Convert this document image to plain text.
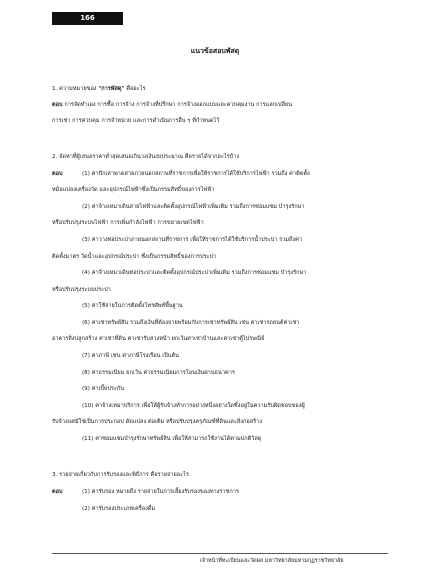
166
แนวข้อสอบพัสดุ
1. ความหมายของ "การพัสดุ" คืออะไร
ตอบ การจัดทำเอง การซื้อ การจ้าง การจ้างที่ปรึกษา การจ้างออกแบบและควบคุมงาน การแลกเปลี่ยน
การเช่า การควบคุม การจำหน่าย และการดำเนินการอื่น ๆ ที่กำหนดไว้
2. จัดหาที่ผู้เสนอราคาต่ำสุดเสนอเกินวงเงินงบประมาณ คือรายได้จากอะไรบ้าง
ตอบ	(1) ค่าปักเสาพาดสายภายนอกสถานที่ราชการเพื่อให้ราชการได้ใช้บริการไฟฟ้า รวมถึง ค่าติดตั้ง
หม้อแปลงเครื่องวัด และอุปกรณ์ไฟฟ้าซึ่งเป็นกรรมสิทธิ์ของการไฟฟ้า
(2) ค่าจ้างเหมาเดินสายไฟฟ้าและติดตั้งอุปกรณ์ไฟฟ้าเพิ่มเติม รวมถึงการซ่อมแซม บำรุงรักษา
หรือปรับปรุงระบบไฟฟ้า การเพิ่มกำลังไฟฟ้า การขยายเขตไฟฟ้า
(3) ค่าวางท่อประปาภายนอกสถานที่ราชการ เพื่อให้ราชการได้ใช้บริการน้ำประปา รวมถึงค่า
ติดตั้งมาตร วัดน้ำและอุปกรณ์ประปา ซึ่งเป็นกรรมสิทธิ์ของการประปา
(4) ค่าจ้างเหมาเดินท่อประปาและติดตั้งอุปกรณ์ประปาเพิ่มเติม รวมถึงการซ่อมแซม บำรุงรักษา
หรือปรับปรุงระบบประปา
(5) ค่าใช้จ่ายในการติดตั้งโทรศัพท์พื้นฐาน
(6) ค่าเช่าทรัพย์สิน รวมถึงเงินที่ต้องจ่ายพร้อมกับการเช่าทรัพย์สิน เช่น ค่าเช่ารถยนต์ค่าเช่า
อาคารสิ่งปลูกสร้าง ค่าเช่าที่ดิน ค่าเช่ารับล่วงหน้า ยกเว้นค่าเช่าบ้านและค่าเช่าตู้ไปรษณีย์
(7) ค่าภาษี เช่น ค่าภาษีโรงเรือน เป็นต้น
(8) ค่าธรรมเนียม ยกเว้น ค่าธรรมเนียมการโอนเงินผ่านธนาคาร
(9) ค่าเบี้ยประกัน
(10) ค่าจ้างเหมาบริการ เพื่อให้ผู้รับจ้างทำการอย่างหนึ่งอย่างใดซึ่งอยู่ในความรับผิดชอบของผู้
รับจ้างแต่มิใช่เป็นการประกอบ ดัดแปลง ต่อเติม หรือปรับปรุงครุภัณฑ์ที่ดินและสิ่งก่อสร้าง
(11) ค่าซ่อมแซมบำรุงรักษาทรัพย์สิน เพื่อให้สามารถใช้งานได้ตามปกติวัสดุ
3. รายจ่ายเกี่ยวกับการรับรองและพิธีการ คือรายจ่ายอะไร
ตอบ	(1) ค่ารับรอง หมายถึง รายจ่ายในการเลี้ยงรับรองของทางราชการ
(2) ค่ารับรองประเภทเครื่องดื่ม
เจ้าหน้าที่ทะเบียนและวัดผล มหาวิทยาลัยมหามกุฏราชวิทยาลัย
